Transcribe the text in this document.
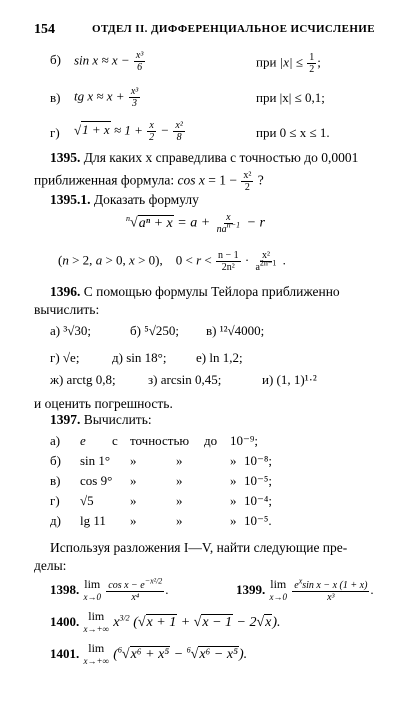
154	ОТДЕЛ II. ДИФФЕРЕНЦИАЛЬНОЕ ИСЧИСЛЕНИЕ
б) $\sin x \approx x - \frac{\text{x³}}{6}$	при $|x| \le \frac{1}{2}$ ;
в) tg $x \approx x + \frac{\text{x³}}{3}$	при |x| ≤ 0,1;
г) $√1 + x \approx 1 + \frac{x}{2} - \frac{\text{x²}}{8}$	при 0 ≤ x ≤ 1.
1395. Для каких x справедлива с точностью до 0,0001
приближенная формула: $\cos x = 1 - \frac{\text{x²}}{2}$ ?
1395.1. Доказать формулу
$^n√a^n + x = a + \frac{x}{na^{n-1}} - r$
(n > 2, a > 0, x > 0),    $0 < r < \frac{n - 1}{\text{2n²}} \cdot \frac{\text{x²}}{a^{2n-1}}$ .
1396. С помощью формулы Тейлора приближенно
вычислить:
а) ³√30;	б) ⁵√250; в) ¹²√4000;
г) √e;	д) sin 18°; е) ln 1,2;
ж) arctg 0,8; з) arcsin 0,45;	и) (1, 1)¹·²
и оценить погрешность.
1397. Вычислить:
а) e с точностью до 10⁻⁹;
б) sin 1° »	»	» 10⁻⁸;
в) cos 9° »	»	» 10⁻⁵;
г) √5	»	»	» 10⁻⁴;
д) lg 11 »	»	» 10⁻⁵.
Используя разложения I—V, найти следующие пре-
делы:
1398. lim
x→0
$\frac{\cos x - e^{-x^2/2}}{\text{x⁴}}$ .	1399. lim
x→0
$\frac{e^x\sin x - x (1 + x)}{\text{x³}}$ .
1400. lim
x→+∞ $x^{3/2}$ (√x + 1 + √x − 1 − 2√x).
1401. lim
x→+∞ ($^6$√x⁶ + x⁵ − $^6$√x⁶ − x⁵).
